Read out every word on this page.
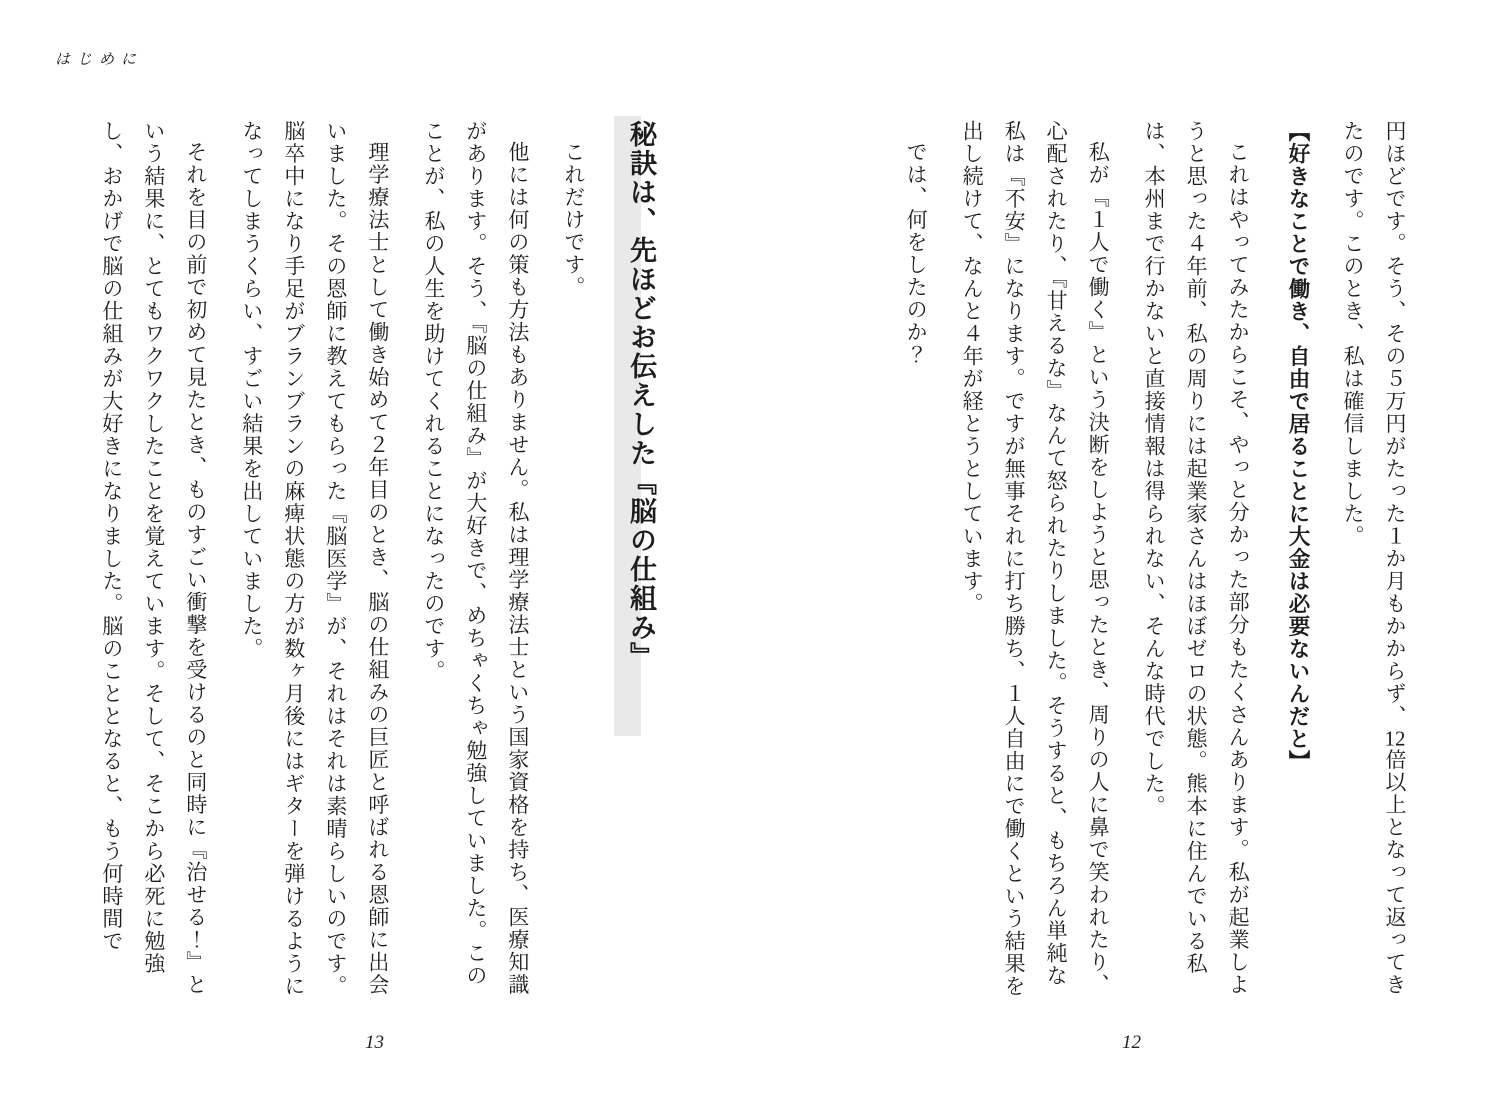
はじめに

円ほどです。そう、その５万円がたった１か月もかからず、12倍以上となって返ってきたのです。このとき、私は確信しました。

【好きなことで働き、自由で居ることに大金は必要ないんだと】

これはやってみたからこそ、やっと分かった部分もたくさんあります。私が起業しようと思った４年前、私の周りには起業家さんはほぼゼロの状態。熊本に住んでいる私は、本州まで行かないと直接情報は得られない、そんな時代でした。

私が『１人で働く』という決断をしようと思ったとき、周りの人に鼻で笑われたり、心配されたり、『甘えるな』なんて怒られたりしました。そうすると、もちろん単純な私は『不安』になります。ですが無事それに打ち勝ち、１人自由にで働くという結果を出し続けて、なんと４年が経とうとしています。

では、何をしたのか？

秘訣は、先ほどお伝えした『脳の仕組み』

これだけです。

他には何の策も方法もありません。私は理学療法士という国家資格を持ち、医療知識があります。そう、『脳の仕組み』が大好きで、めちゃくちゃ勉強していました。このことが、私の人生を助けてくれることになったのです。

理学療法士として働き始めて２年目のとき、脳の仕組みの巨匠と呼ばれる恩師に出会いました。その恩師に教えてもらった『脳医学』が、それはそれは素晴らしいのです。脳卒中になり手足がブランブランの麻痺状態の方が数ヶ月後にはギターを弾けるようになってしまうくらい、すごい結果を出していました。

それを目の前で初めて見たとき、ものすごい衝撃を受けるのと同時に『治せる！』という結果に、とてもワクワクしたことを覚えています。そして、そこから必死に勉強し、おかげで脳の仕組みが大好きになりました。脳のこととなると、もう何時間で

13	12
